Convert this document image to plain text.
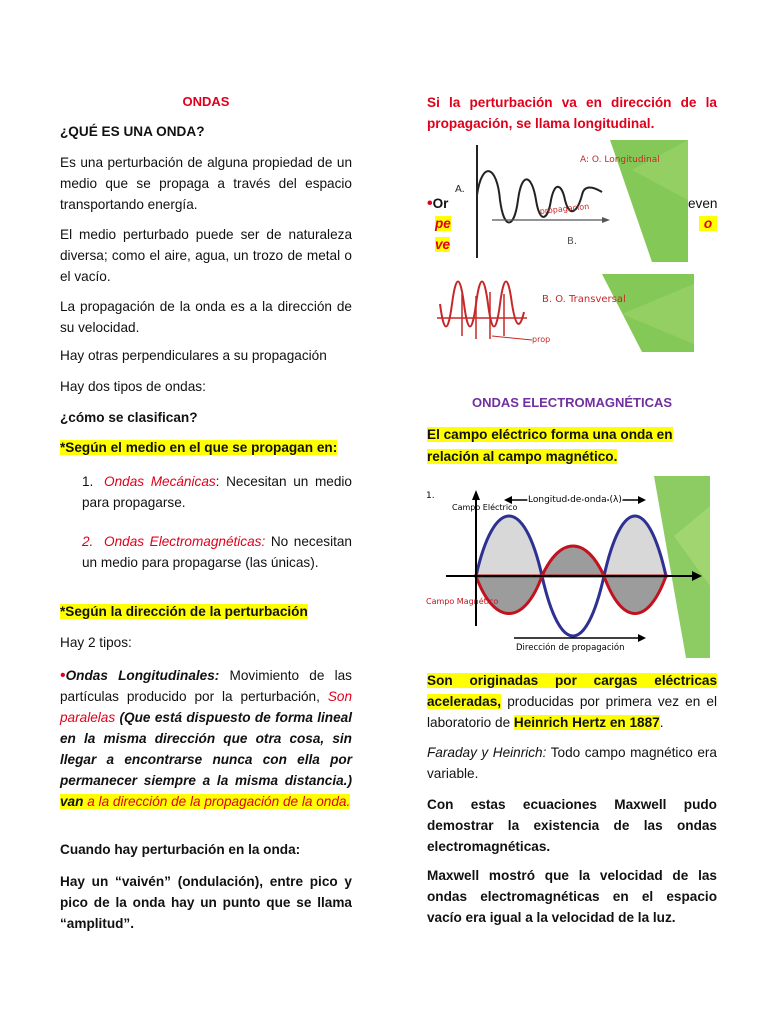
ONDAS
¿QUÉ ES UNA ONDA?
Es una perturbación de alguna propiedad de un medio que se propaga a través del espacio transportando energía.
El medio perturbado puede ser de naturaleza diversa; como el aire, agua, un trozo de metal o el vacío.
La propagación de la onda es a la dirección de su velocidad.
Hay otras perpendiculares a su propagación
Hay dos tipos de ondas:
¿cómo se clasifican?
*Según el medio en el que se propagan en:
1. Ondas Mecánicas: Necesitan un medio para propagarse.
2. Ondas Electromagnéticas: No necesitan un medio para propagarse (las únicas).
*Según la dirección de la perturbación
Hay 2 tipos:
•Ondas Longitudinales: Movimiento de las partículas producido por la perturbación, Son paralelas (Que está dispuesto de forma lineal en la misma dirección que otra cosa, sin llegar a encontrarse nunca con ella por permanecer siempre a la misma distancia.) van a la dirección de la propagación de la onda.
Cuando hay perturbación en la onda:
Hay un “vaivén” (ondulación), entre pico y pico de la onda hay un punto que se llama “amplitud”.
Si la perturbación va en dirección de la propagación, se llama longitudinal.
•Or	even
pe	o
ve
A: O. Longitudinal
A.
propagacion
B.
prop
B. O. Transversal
ONDAS ELECTROMAGNÉTICAS
El campo eléctrico forma una onda en relación al campo magnético.
1.	Longitud de onda (λ)
Campo Eléctrico
Campo Magnético
Dirección de propagación
Son originadas por cargas eléctricas aceleradas, producidas por primera vez en el laboratorio de Heinrich Hertz en 1887.
Faraday y Heinrich: Todo campo magnético era variable.
Con estas ecuaciones Maxwell pudo demostrar la existencia de las ondas electromagnéticas.
Maxwell mostró que la velocidad de las ondas electromagnéticas en el espacio vacío era igual a la velocidad de la luz.
